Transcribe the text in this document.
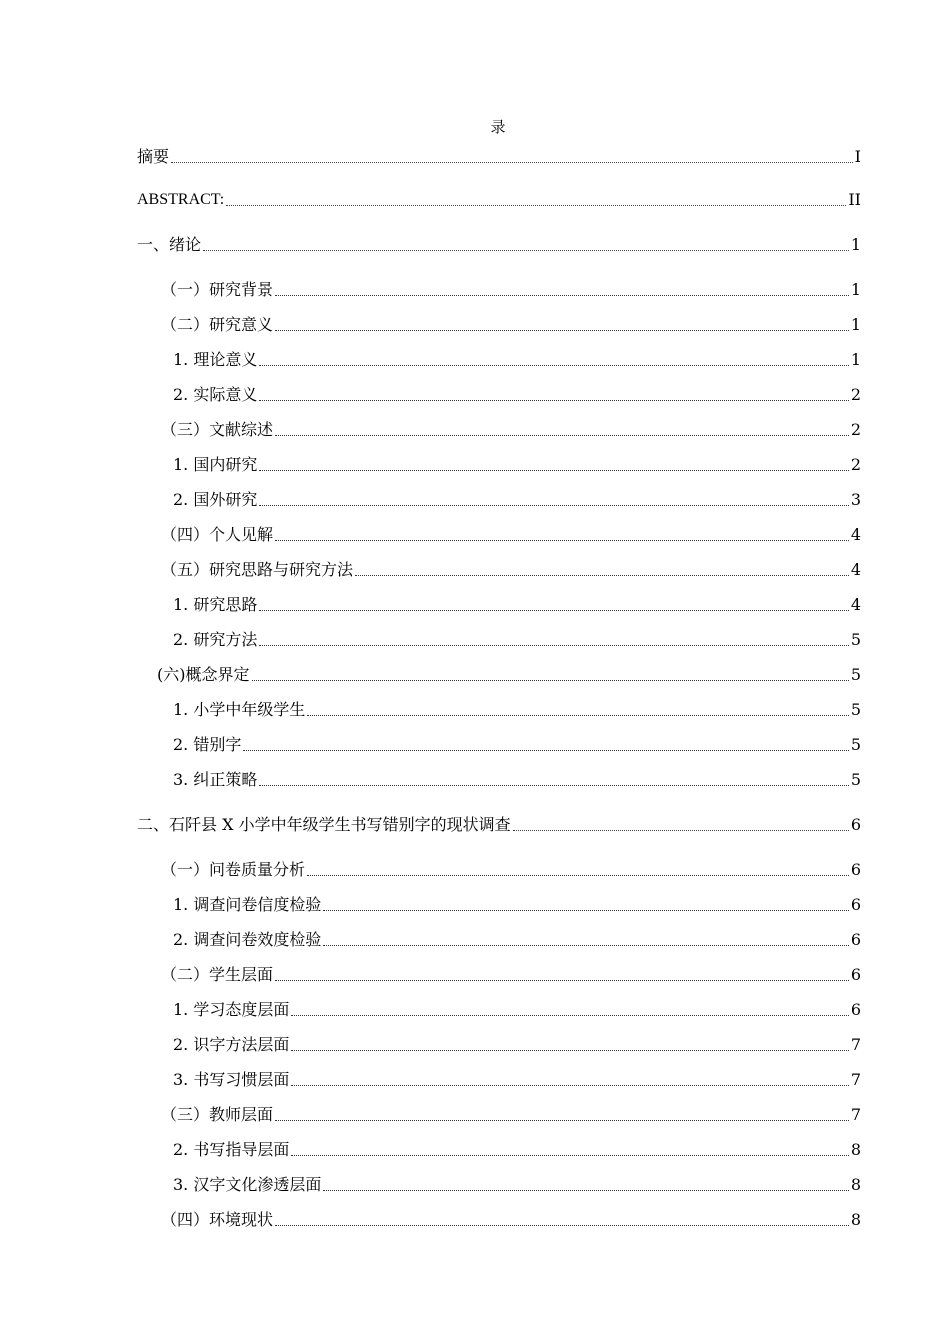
录
摘要	I
ABSTRACT:	II
一、绪论	1
（一）研究背景	1
（二）研究意义	1
1. 理论意义	1
2. 实际意义	2
（三）文献综述	2
1. 国内研究	2
2. 国外研究	3
（四）个人见解	4
（五）研究思路与研究方法	4
1. 研究思路	4
2. 研究方法	5
(六)概念界定	5
1. 小学中年级学生	5
2. 错别字	5
3. 纠正策略	5
二、石阡县 X 小学中年级学生书写错别字的现状调查	6
（一）问卷质量分析	6
1. 调查问卷信度检验	6
2. 调查问卷效度检验	6
（二）学生层面	6
1. 学习态度层面	6
2. 识字方法层面	7
3. 书写习惯层面	7
（三）教师层面	7
2. 书写指导层面	8
3. 汉字文化渗透层面	8
（四）环境现状	8
